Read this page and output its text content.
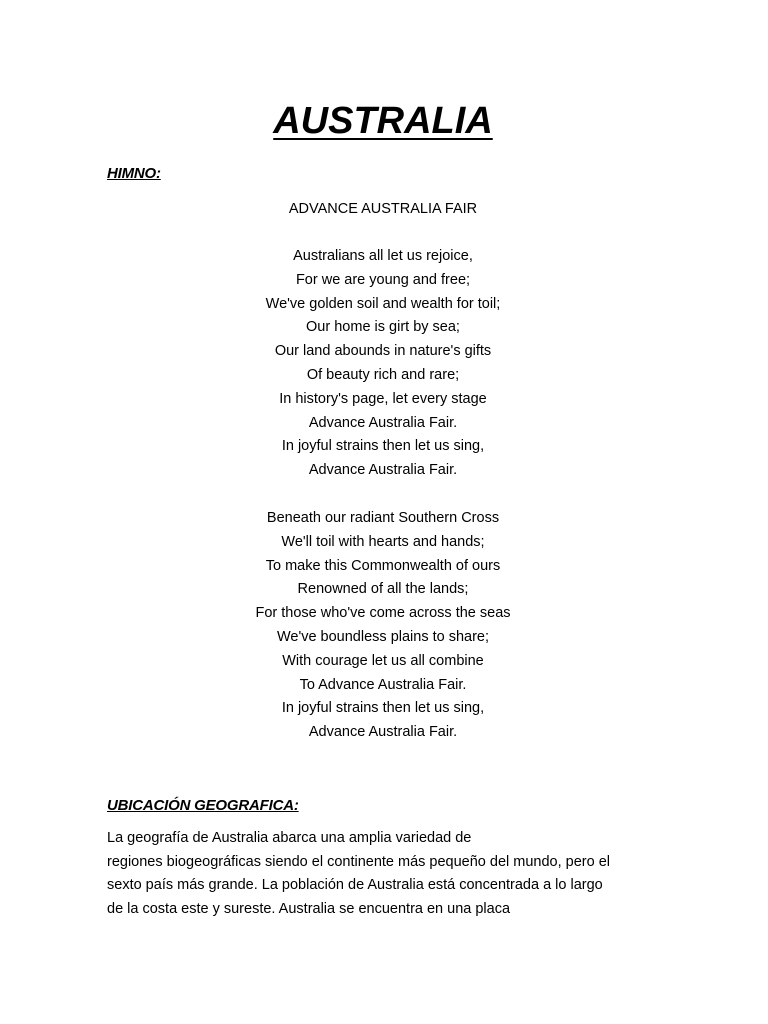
AUSTRALIA
HIMNO:
ADVANCE AUSTRALIA FAIR
Australians all let us rejoice,
For we are young and free;
We've golden soil and wealth for toil;
Our home is girt by sea;
Our land abounds in nature's gifts
Of beauty rich and rare;
In history's page, let every stage
Advance Australia Fair.
In joyful strains then let us sing,
Advance Australia Fair.
Beneath our radiant Southern Cross
We'll toil with hearts and hands;
To make this Commonwealth of ours
Renowned of all the lands;
For those who've come across the seas
We've boundless plains to share;
With courage let us all combine
To Advance Australia Fair.
In joyful strains then let us sing,
Advance Australia Fair.
UBICACIÓN GEOGRAFICA:
La geografía de Australia abarca una amplia variedad de
regiones biogeográficas siendo el continente más pequeño del mundo, pero el
sexto país más grande. La población de Australia está concentrada a lo largo
de la costa este y sureste. Australia se encuentra en una placa
